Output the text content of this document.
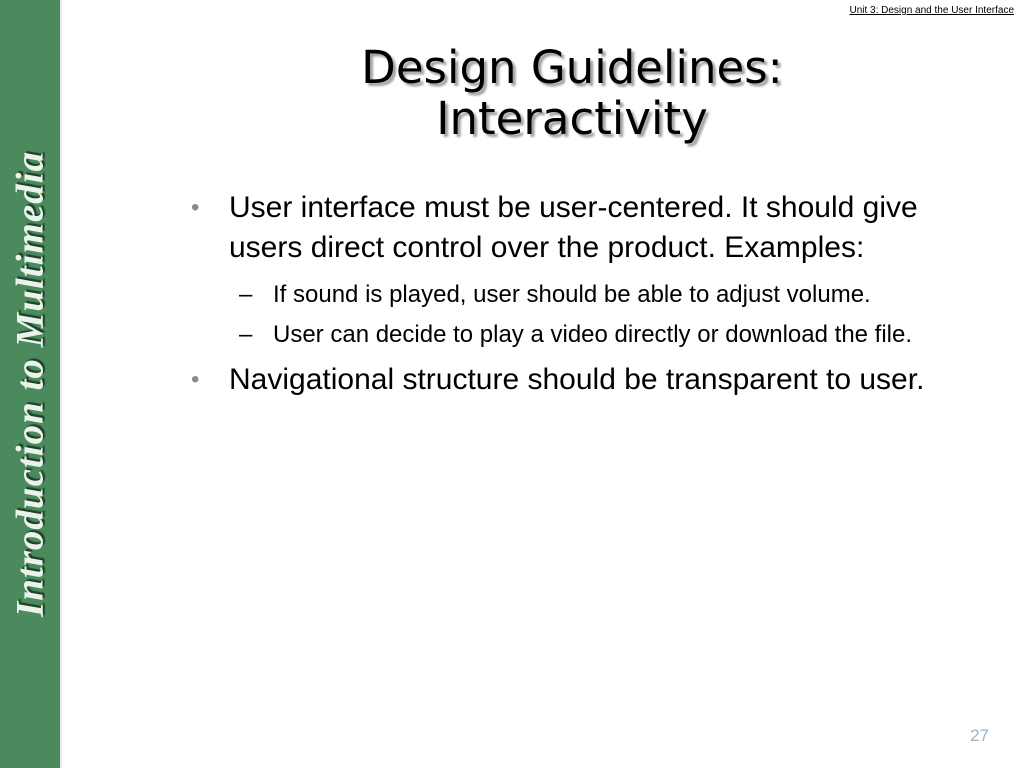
Introduction to Multimedia
Unit 3: Design and the User Interface
Design Guidelines:
Interactivity
• User interface must be user-centered. It should give users direct control over the product. Examples:
– If sound is played, user should be able to adjust volume.
– User can decide to play a video directly or download the file.
• Navigational structure should be transparent to user.
27
